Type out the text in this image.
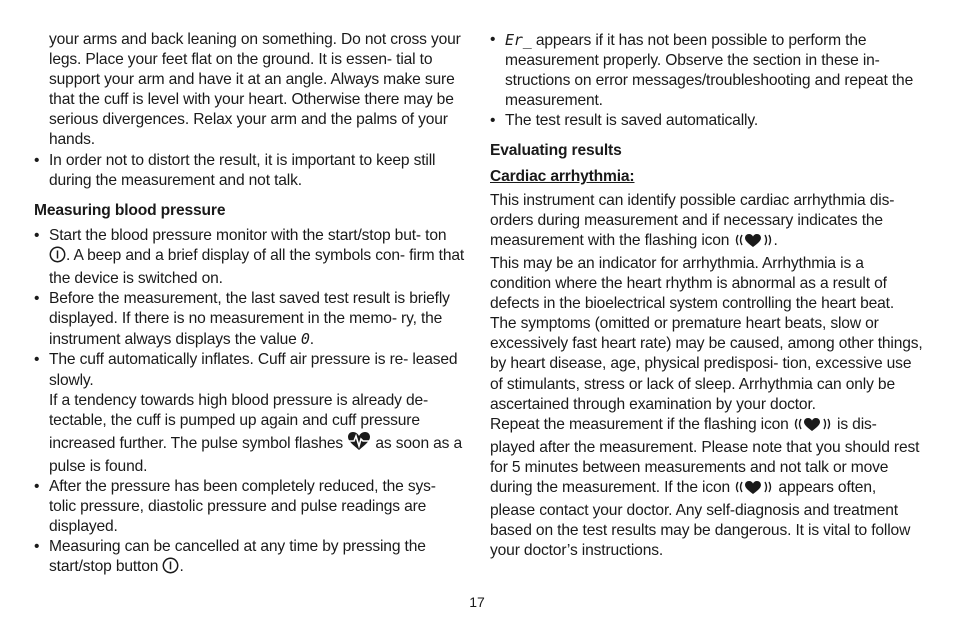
your arms and back leaning on something. Do not cross your legs. Place your feet flat on the ground. It is essen- tial to support your arm and have it at an angle. Always make sure that the cuff is level with your heart. Otherwise there may be serious divergences. Relax your arm and the palms of your hands.

• In order not to distort the result, it is important to keep still during the measurement and not talk.

Measuring blood pressure

• Start the blood pressure monitor with the start/stop but- ton . A beep and a brief display of all the symbols con- firm that the device is switched on.
• Before the measurement, the last saved test result is briefly displayed. If there is no measurement in the memo- ry, the instrument always displays the value 0.
• The cuff automatically inflates. Cuff air pressure is re- leased slowly.
If a tendency towards high blood pressure is already de- tectable, the cuff is pumped up again and cuff pressure increased further. The pulse symbol flashes  as soon as a pulse is found.
• After the pressure has been completely reduced, the sys- tolic pressure, diastolic pressure and pulse readings are displayed.
• Measuring can be cancelled at any time by pressing the start/stop button .
• Er_ appears if it has not been possible to perform the measurement properly. Observe the section in these in- structions on error messages/troubleshooting and repeat the measurement.
• The test result is saved automatically.

Evaluating results

Cardiac arrhythmia:

This instrument can identify possible cardiac arrhythmia dis- orders during measurement and if necessary indicates the measurement with the flashing icon	.

This may be an indicator for arrhythmia. Arrhythmia is a condition where the heart rhythm is abnormal as a result of defects in the bioelectrical system controlling the heart beat. The symptoms (omitted or premature heart beats, slow or excessively fast heart rate) may be caused, among other things, by heart disease, age, physical predisposi- tion, excessive use of stimulants, stress or lack of sleep. Arrhythmia can only be ascertained through examination by your doctor.

Repeat the measurement if the flashing icon	is dis- played after the measurement. Please note that you should rest for 5 minutes between measurements and not talk or move during the measurement. If the icon	appears often, please contact your doctor. Any self-diagnosis and treatment based on the test results may be dangerous. It is vital to follow your doctor’s instructions.

17
